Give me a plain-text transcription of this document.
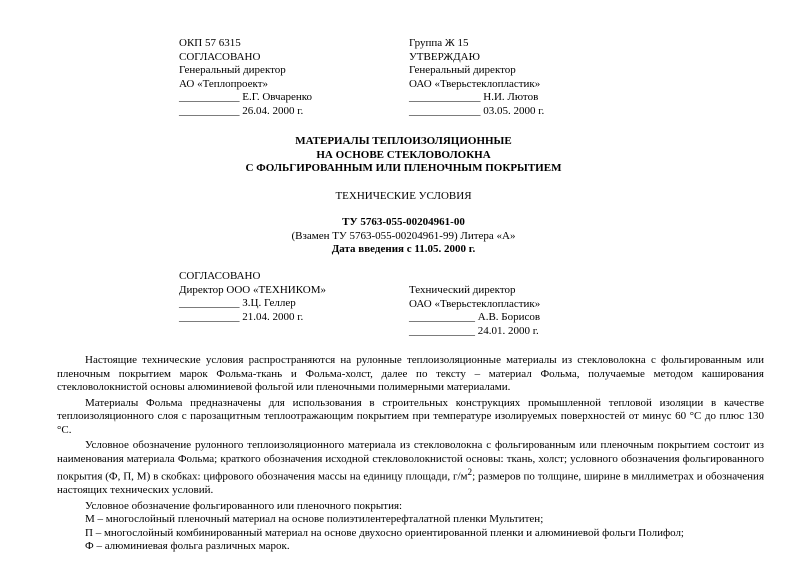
ОКП 57 6315
СОГЛАСОВАНО
Генеральный директор
АО «Теплопроект»
___________ Е.Г. Овчаренко
___________ 26.04. 2000 г.
Группа Ж 15
УТВЕРЖДАЮ
Генеральный директор
ОАО «Тверьстеклопластик»
_____________ Н.И. Лютов
_____________ 03.05. 2000 г.
МАТЕРИАЛЫ ТЕПЛОИЗОЛЯЦИОННЫЕ
НА ОСНОВЕ СТЕКЛОВОЛОКНА
С ФОЛЬГИРОВАННЫМ ИЛИ ПЛЕНОЧНЫМ ПОКРЫТИЕМ
ТЕХНИЧЕСКИЕ УСЛОВИЯ
ТУ 5763-055-00204961-00
(Взамен ТУ 5763-055-00204961-99) Литера «А»
Дата введения с 11.05. 2000 г.
СОГЛАСОВАНО
Директор ООО «ТЕХНИКОМ»
___________ З.Ц. Геллер
___________ 21.04. 2000 г.
Технический директор
ОАО «Тверьстеклопластик»
____________ А.В. Борисов
____________ 24.01. 2000 г.

Настоящие технические условия распространяются на рулонные теплоизоляционные материалы из стекловолокна с фольгированным или пленочным покрытием марок Фольма-ткань и Фольма-холст, далее по тексту – материал Фольма, получаемые методом каширования стекловолокнистой основы алюминиевой фольгой или пленочными полимерными материалами.

Материалы Фольма предназначены для использования в строительных конструкциях промышленной тепловой изоляции в качестве теплоизоляционного слоя с парозащитным теплоотражающим покрытием при температуре изолируемых поверхностей от минус 60 °С до плюс 130 °С.

Условное обозначение рулонного теплоизоляционного материала из стекловолокна с фольгированным или пленочным покрытием состоит из наименования материала Фольма; краткого обозначения исходной стекловолокнистой основы: ткань, холст; условного обозначения фольгированного покрытия (Ф, П, М) в скобках: цифрового обозначения массы на единицу площади, $г/м^2$; размеров по толщине, ширине в миллиметрах и обозначения настоящих технических условий.

Условное обозначение фольгированного или пленочного покрытия:

М – многослойный пленочный материал на основе полиэтилентерефталатной пленки Мультитен;

П – многослойный комбинированный материал на основе двухосно ориентированной пленки и алюминиевой фольги Полифол;

Ф – алюминиевая фольга различных марок.
